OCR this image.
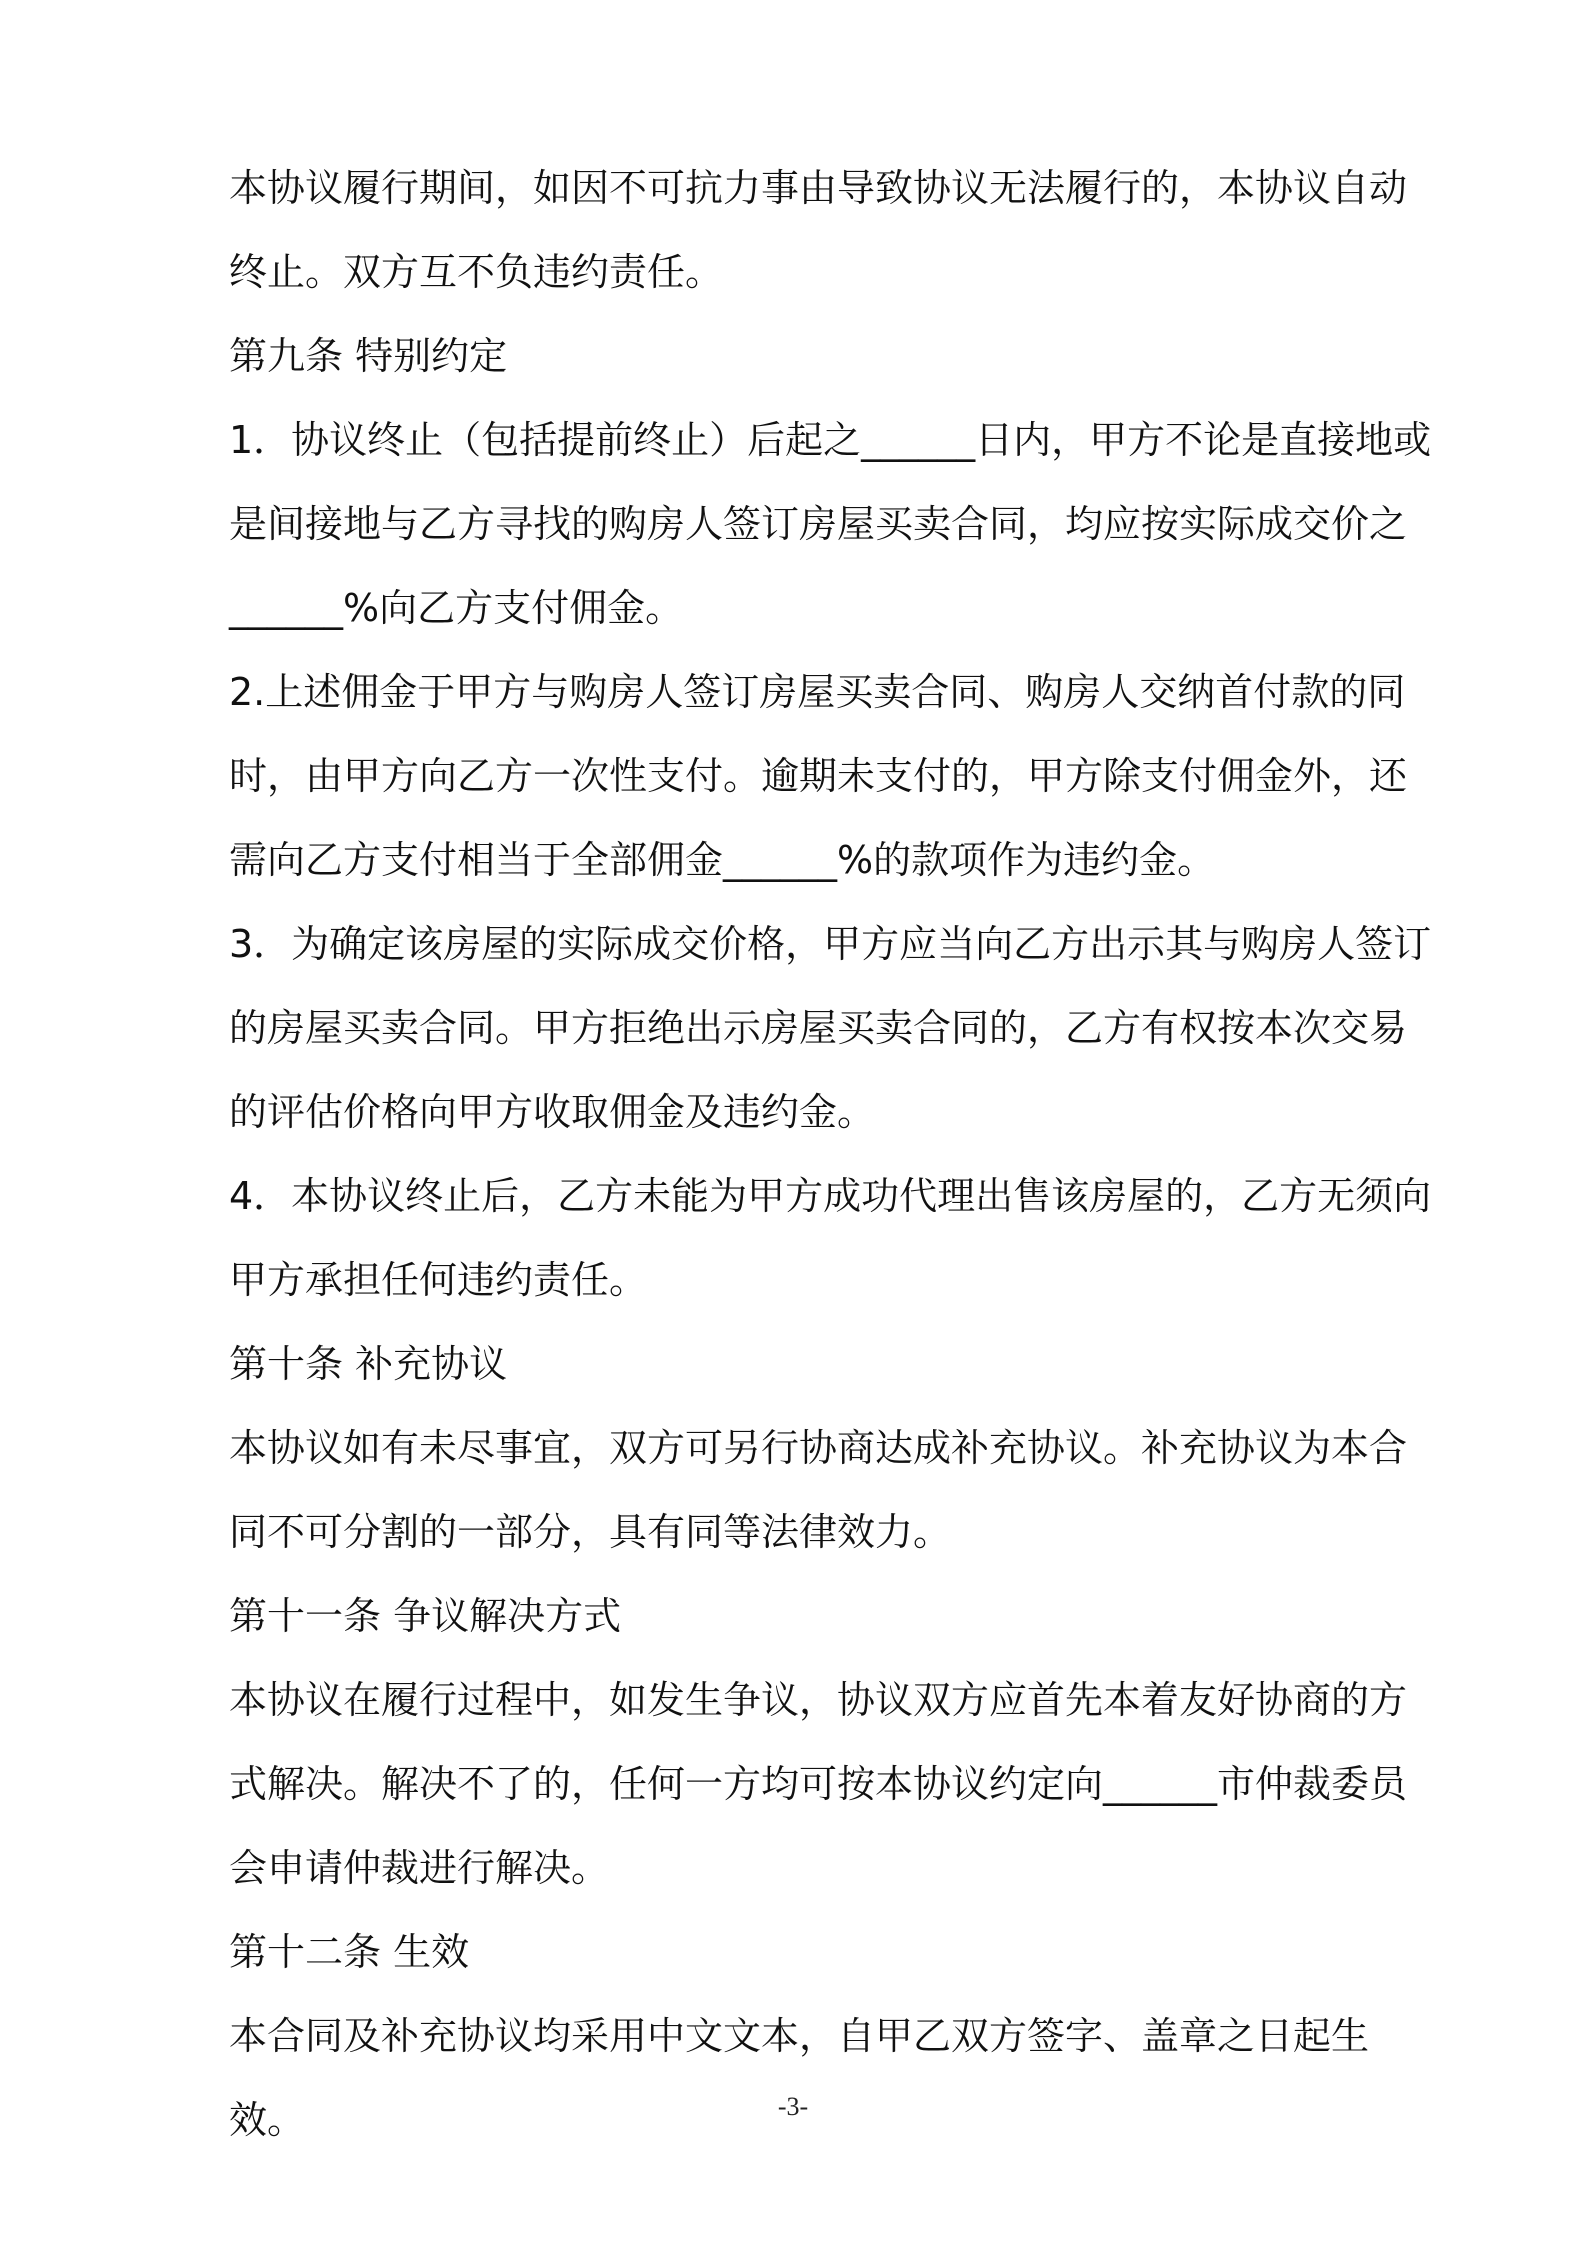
本协议履行期间，如因不可抗力事由导致协议无法履行的，本协议自动终止。双方互不负违约责任。

第九条 特别约定

1．协议终止（包括提前终止）后起之______日内，甲方不论是直接地或是间接地与乙方寻找的购房人签订房屋买卖合同，均应按实际成交价之______%向乙方支付佣金。

2.上述佣金于甲方与购房人签订房屋买卖合同、购房人交纳首付款的同时，由甲方向乙方一次性支付。逾期未支付的，甲方除支付佣金外，还需向乙方支付相当于全部佣金______%的款项作为违约金。

3．为确定该房屋的实际成交价格，甲方应当向乙方出示其与购房人签订的房屋买卖合同。甲方拒绝出示房屋买卖合同的，乙方有权按本次交易的评估价格向甲方收取佣金及违约金。

4．本协议终止后，乙方未能为甲方成功代理出售该房屋的，乙方无须向甲方承担任何违约责任。

第十条 补充协议

本协议如有未尽事宜，双方可另行协商达成补充协议。补充协议为本合同不可分割的一部分，具有同等法律效力。

第十一条 争议解决方式

本协议在履行过程中，如发生争议，协议双方应首先本着友好协商的方式解决。解决不了的，任何一方均可按本协议约定向______市仲裁委员会申请仲裁进行解决。

第十二条 生效

本合同及补充协议均采用中文文本，自甲乙双方签字、盖章之日起生效。	-3-
